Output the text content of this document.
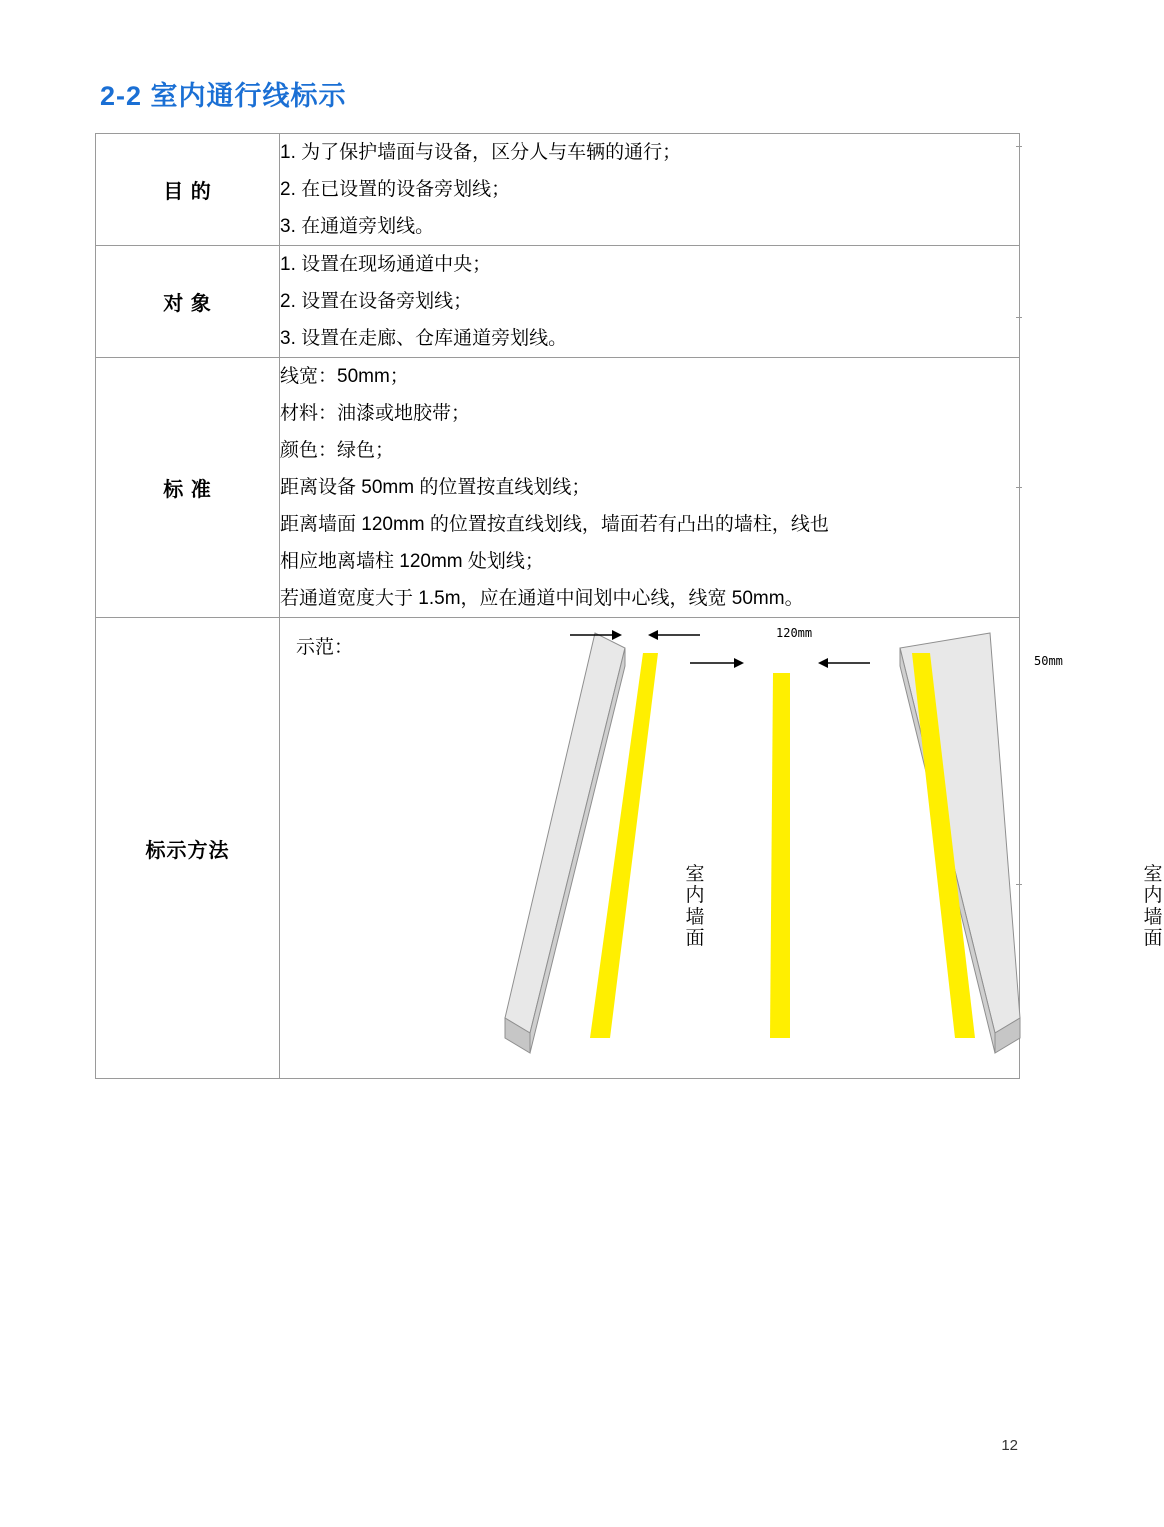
2-2 室内通行线标示
目 的	1. 为了保护墙面与设备，区分人与车辆的通行；
2. 在已设置的设备旁划线；
3. 在通道旁划线。

对 象	1. 设置在现场通道中央；
2. 设置在设备旁划线；
3. 设置在走廊、仓库通道旁划线。

标 准	
线宽：50mm；
材料：油漆或地胶带；
颜色：绿色；
距离设备 50mm 的位置按直线划线；
距离墙面 120mm 的位置按直线划线，墙面若有凸出的墙柱，线也
相应地离墙柱 120mm 处划线；
若通道宽度大于 1.5m，应在通道中间划中心线，线宽 50mm。

标示方法	示范：
120mm
50mm
室内墙面
室内墙面
12
